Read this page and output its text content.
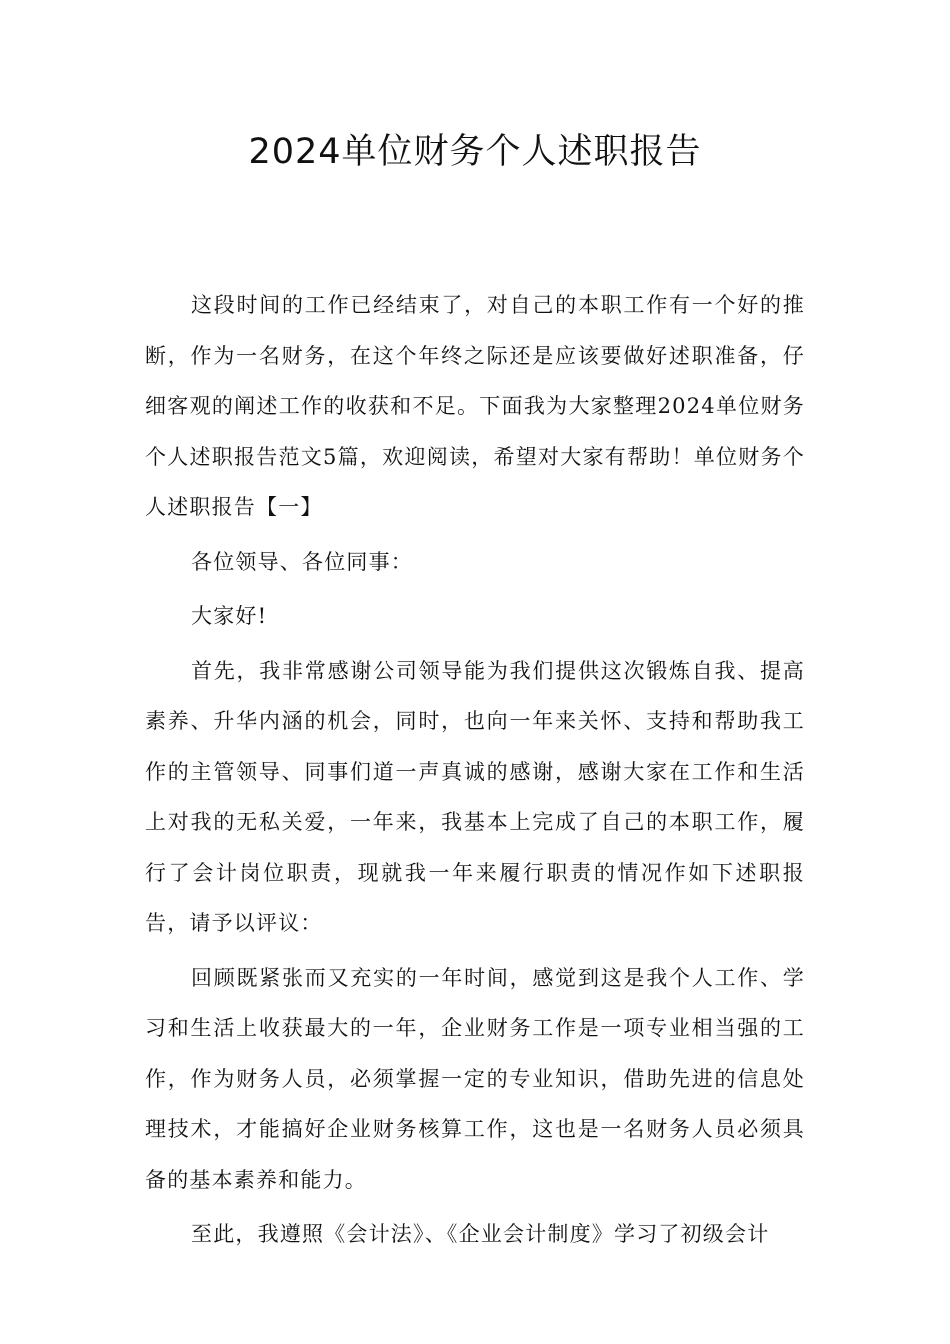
2024单位财务个人述职报告

这段时间的工作已经结束了，对自己的本职工作有一个好的推断，作为一名财务，在这个年终之际还是应该要做好述职准备，仔细客观的阐述工作的收获和不足。下面我为大家整理2024单位财务个人述职报告范文5篇，欢迎阅读，希望对大家有帮助！单位财务个人述职报告【一】

各位领导、各位同事：

大家好!

首先，我非常感谢公司领导能为我们提供这次锻炼自我、提高素养、升华内涵的机会，同时，也向一年来关怀、支持和帮助我工作的主管领导、同事们道一声真诚的感谢，感谢大家在工作和生活上对我的无私关爱，一年来，我基本上完成了自己的本职工作，履行了会计岗位职责，现就我一年来履行职责的情况作如下述职报告，请予以评议：

回顾既紧张而又充实的一年时间，感觉到这是我个人工作、学习和生活上收获最大的一年，企业财务工作是一项专业相当强的工作，作为财务人员，必须掌握一定的专业知识，借助先进的信息处理技术，才能搞好企业财务核算工作，这也是一名财务人员必须具备的基本素养和能力。

至此，我遵照《会计法》、《企业会计制度》学习了初级会计
